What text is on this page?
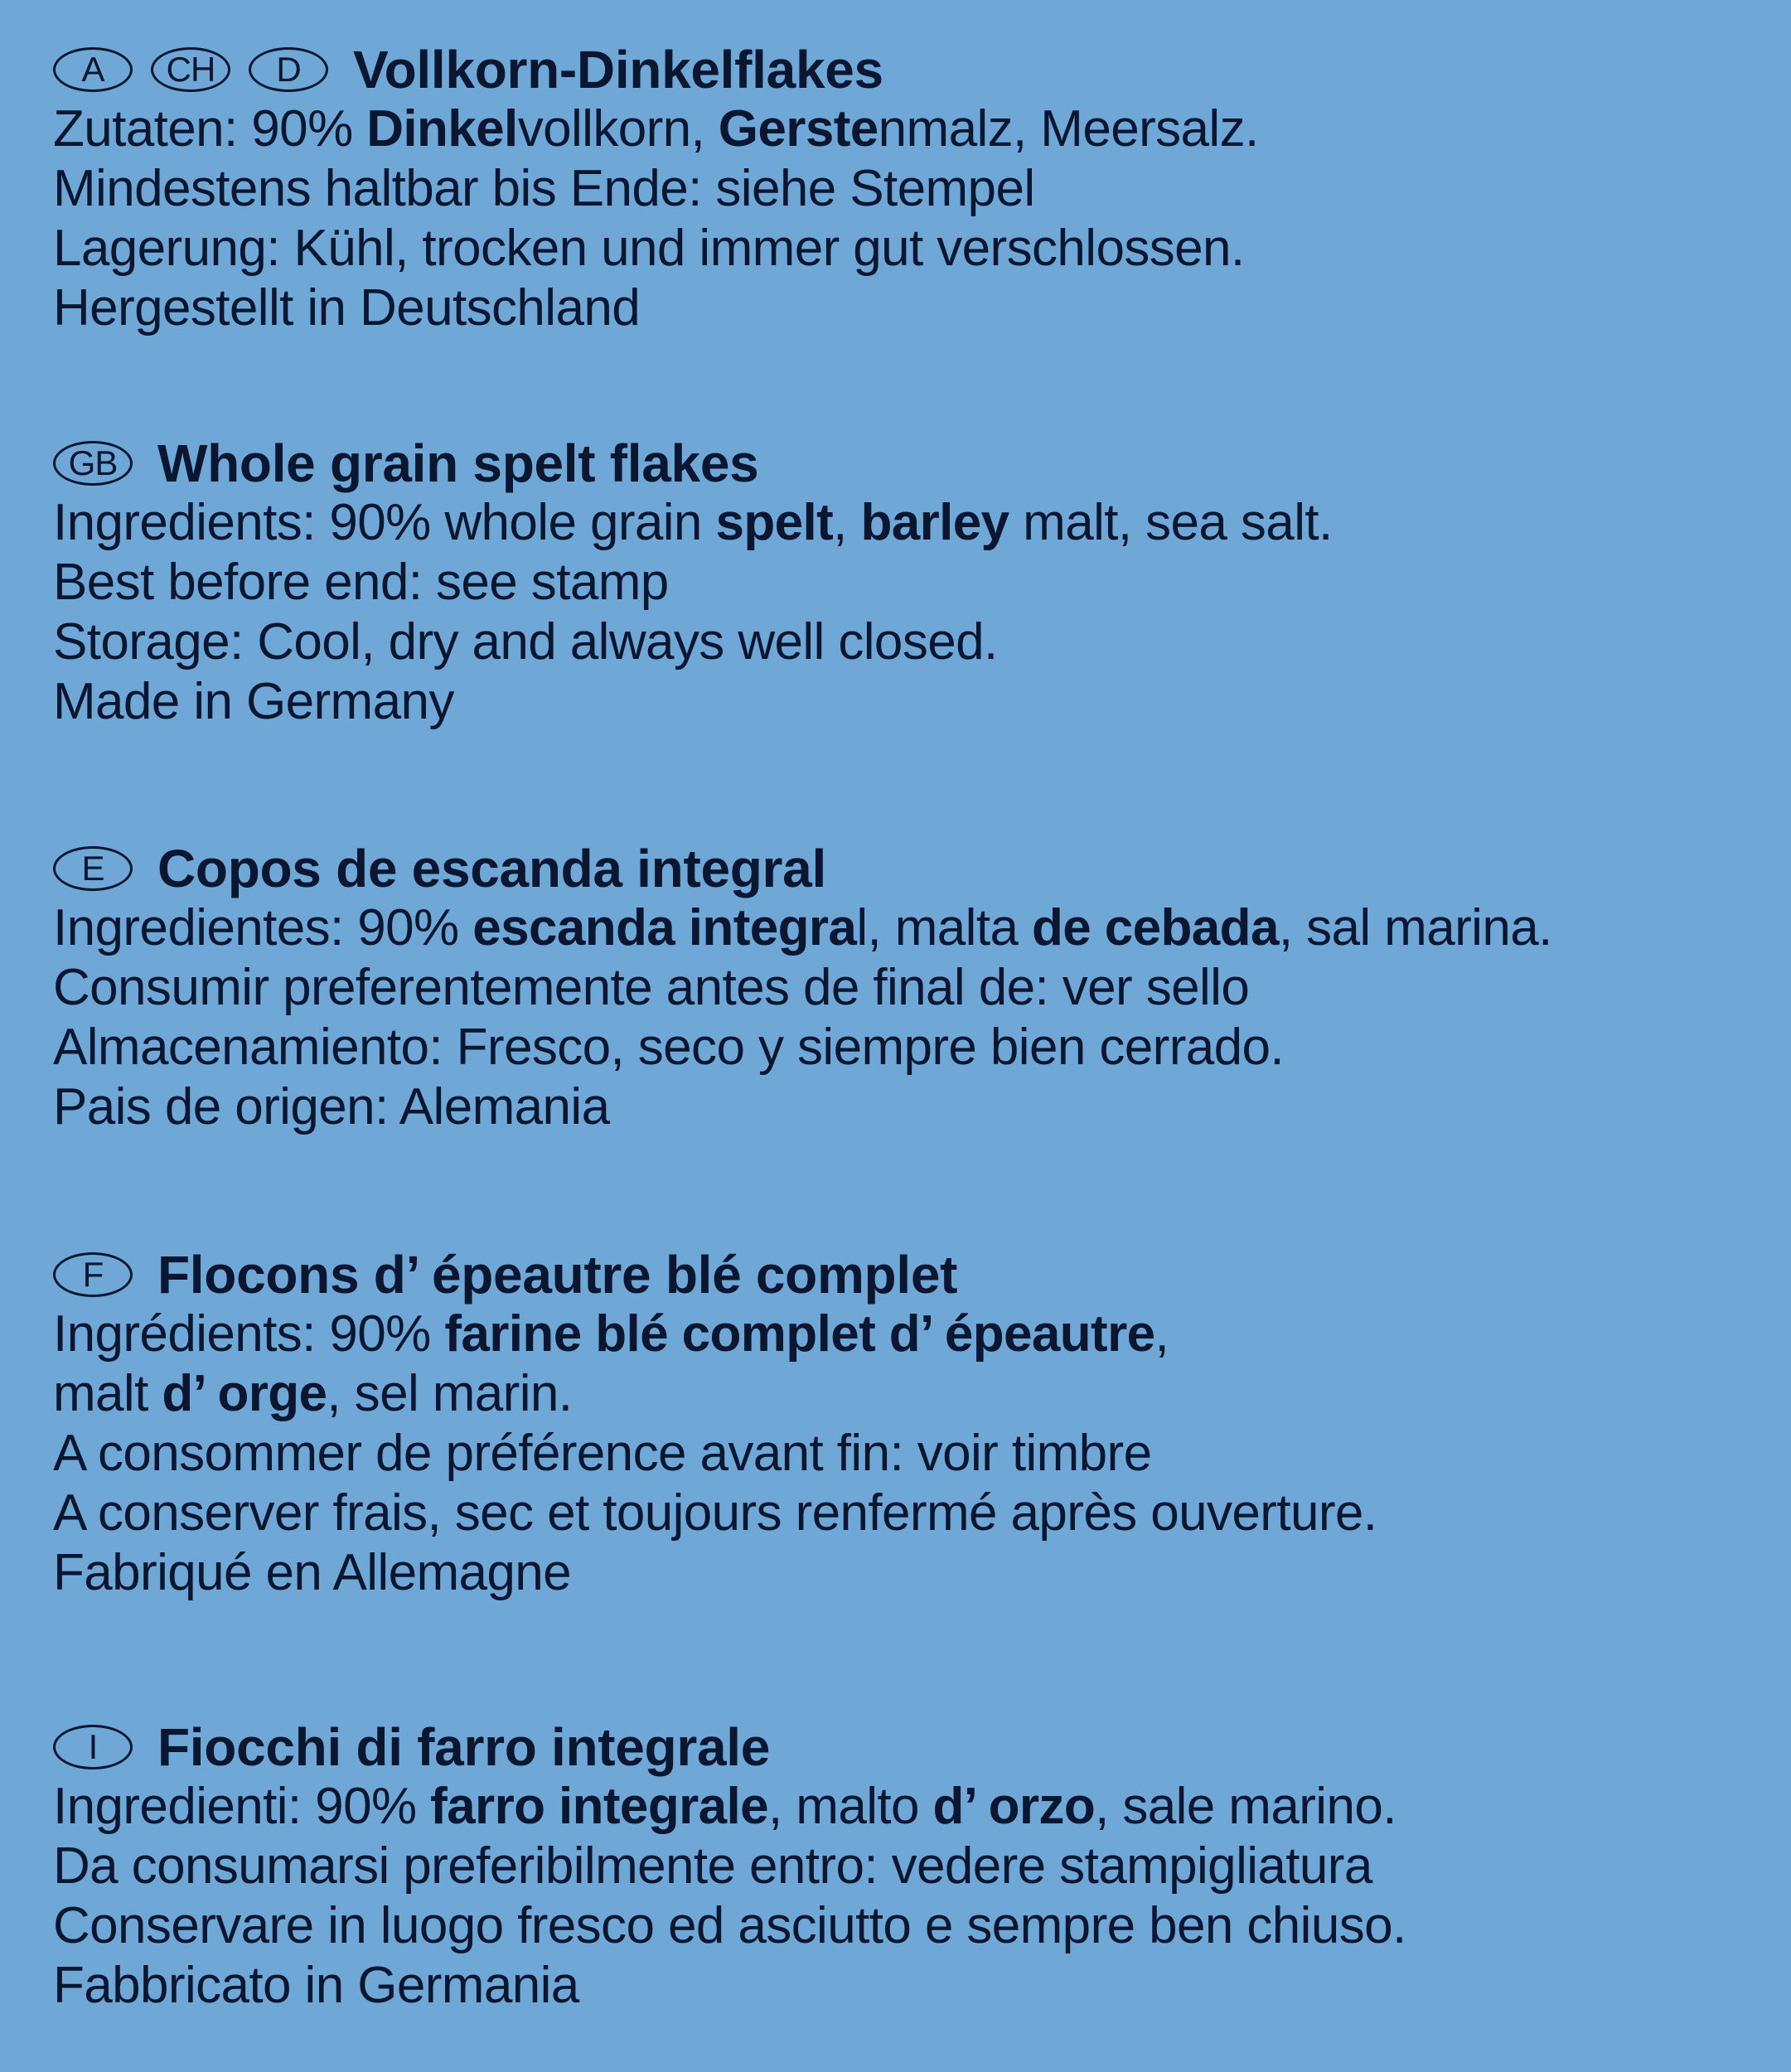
A	CH	D Vollkorn-Dinkelflakes
Zutaten: 90% Dinkelvollkorn, Gerstenmalz, Meersalz.
Mindestens haltbar bis Ende: siehe Stempel
Lagerung: Kühl, trocken und immer gut verschlossen.
Hergestellt in Deutschland
GB Whole grain spelt flakes
Ingredients: 90% whole grain spelt, barley malt, sea salt.
Best before end: see stamp
Storage: Cool, dry and always well closed.
Made in Germany
E	Copos de escanda integral
Ingredientes: 90% escanda integral, malta de cebada, sal marina.
Consumir preferentemente antes de final de: ver sello
Almacenamiento: Fresco, seco y siempre bien cerrado.
Pais de origen: Alemania
F	Flocons d’ épeautre blé complet
Ingrédients: 90% farine blé complet d’ épeautre,
malt d’ orge, sel marin.
A consommer de préférence avant fin: voir timbre
A conserver frais, sec et toujours renfermé après ouverture.
Fabriqué en Allemagne
I	Fiocchi di farro integrale
Ingredienti: 90% farro integrale, malto d’ orzo, sale marino.
Da consumarsi preferibilmente entro: vedere stampigliatura
Conservare in luogo fresco ed asciutto e sempre ben chiuso.
Fabbricato in Germania
